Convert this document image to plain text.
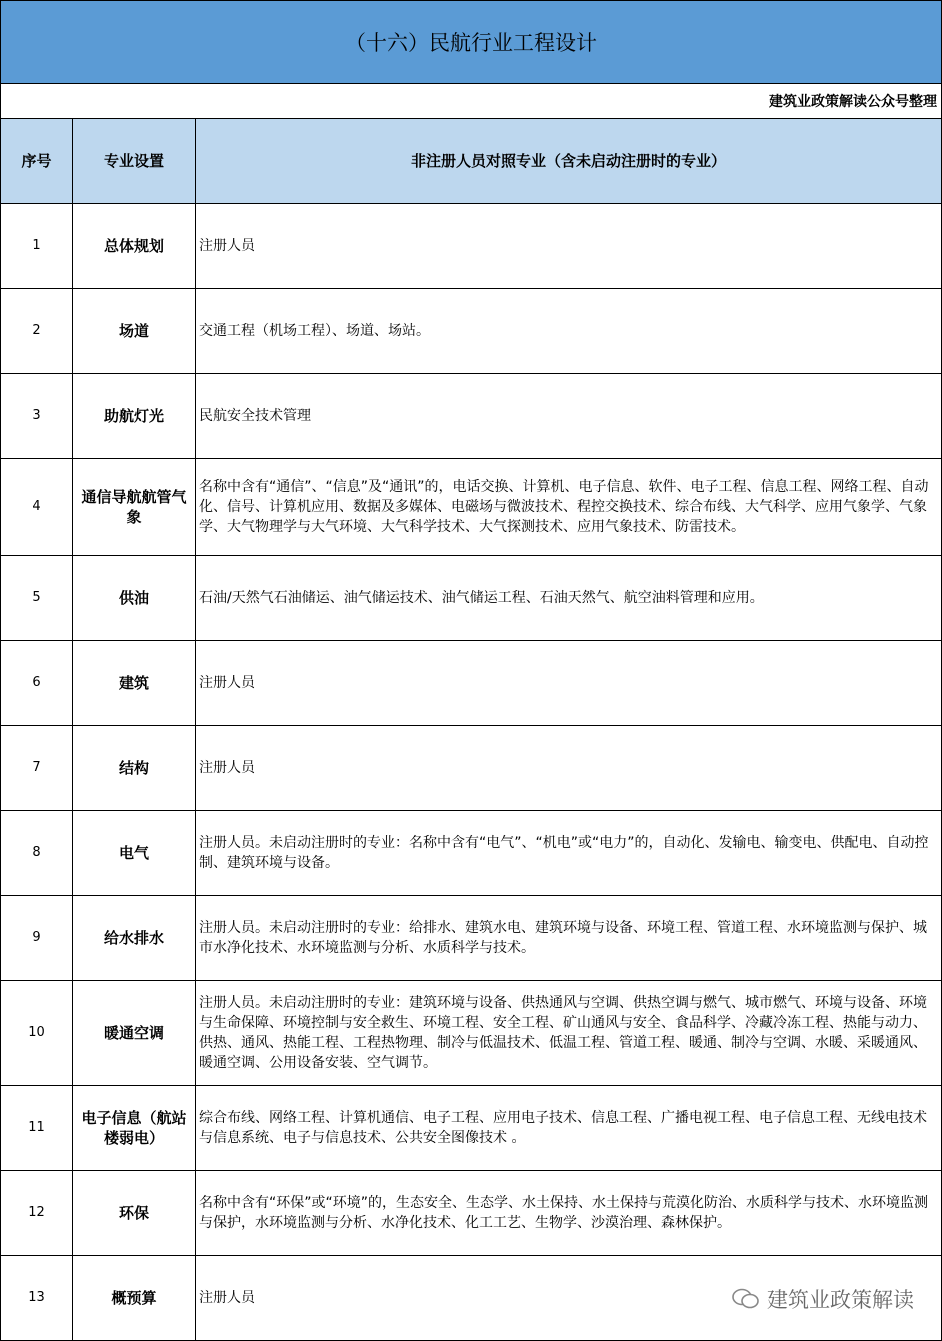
（十六）民航行业工程设计
建筑业政策解读公众号整理
序号	专业设置	非注册人员对照专业（含未启动注册时的专业）
1	总体规划	注册人员
2	场道	交通工程（机场工程）、场道、场站。
3	助航灯光	民航安全技术管理
4	通信导航航管气象	名称中含有“通信”、“信息”及“通讯”的，电话交换、计算机、电子信息、软件、电子工程、信息工程、网络工程、自动化、信号、计算机应用、数据及多媒体、电磁场与微波技术、程控交换技术、综合布线、大气科学、应用气象学、气象学、大气物理学与大气环境、大气科学技术、大气探测技术、应用气象技术、防雷技术。
5	供油	石油/天然气石油储运、油气储运技术、油气储运工程、石油天然气、航空油料管理和应用。
6	建筑	注册人员
7	结构	注册人员
8	电气	注册人员。未启动注册时的专业：名称中含有“电气”、“机电”或“电力”的，自动化、发输电、输变电、供配电、自动控制、建筑环境与设备。
9	给水排水	注册人员。未启动注册时的专业：给排水、建筑水电、建筑环境与设备、环境工程、管道工程、水环境监测与保护、城市水净化技术、水环境监测与分析、水质科学与技术。
10	暖通空调	注册人员。未启动注册时的专业：建筑环境与设备、供热通风与空调、供热空调与燃气、城市燃气、环境与设备、环境与生命保障、环境控制与安全救生、环境工程、安全工程、矿山通风与安全、食品科学、冷藏冷冻工程、热能与动力、供热、通风、热能工程、工程热物理、制冷与低温技术、低温工程、管道工程、暖通、制冷与空调、水暖、采暖通风、暖通空调、公用设备安装、空气调节。
11	电子信息（航站楼弱电）	综合布线、网络工程、计算机通信、电子工程、应用电子技术、信息工程、广播电视工程、电子信息工程、无线电技术与信息系统、电子与信息技术、公共安全图像技术 。
12	环保	名称中含有“环保”或“环境”的，生态安全、生态学、水土保持、水土保持与荒漠化防治、水质科学与技术、水环境监测与保护，水环境监测与分析、水净化技术、化工工艺、生物学、沙漠治理、森林保护。
13	概预算	注册人员	建筑业政策解读
